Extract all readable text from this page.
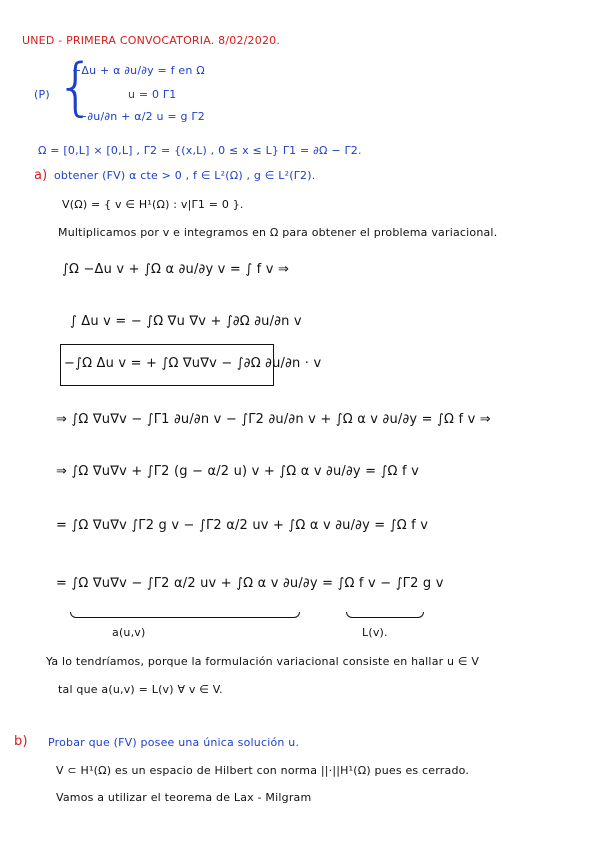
UNED - PRIMERA CONVOCATORIA. 8/02/2020.
(P) {
−Δu + α ∂u/∂y = f en Ω
u = 0 Γ1
−∂u/∂n + α/2 u = g Γ2
Ω = [0,L] × [0,L] , Γ2 = {(x,L) , 0 ≤ x ≤ L} Γ1 = ∂Ω − Γ2.
a) obtener (FV) α cte > 0 , f ∈ L²(Ω) , g ∈ L²(Γ2).
V(Ω) = { v ∈ H¹(Ω) : v|Γ1 = 0 }.
Multiplicamos por v e integramos en Ω para obtener el problema variacional.
∫Ω −Δu v + ∫Ω α ∂u/∂y v = ∫ f v ⇒
∫ Δu v = − ∫Ω ∇u ∇v + ∫∂Ω ∂u/∂n v
−∫Ω Δu v = + ∫Ω ∇u∇v − ∫∂Ω ∂u/∂n · v
⇒ ∫Ω ∇u∇v − ∫Γ1 ∂u/∂n v − ∫Γ2 ∂u/∂n v + ∫Ω α v ∂u/∂y = ∫Ω f v ⇒
⇒ ∫Ω ∇u∇v + ∫Γ2 (g − α/2 u) v + ∫Ω α v ∂u/∂y = ∫Ω f v
= ∫Ω ∇u∇v ∫Γ2 g v − ∫Γ2 α/2 uv + ∫Ω α v ∂u/∂y = ∫Ω f v
= ∫Ω ∇u∇v − ∫Γ2 α/2 uv + ∫Ω α v ∂u/∂y = ∫Ω f v − ∫Γ2 g v
a(u,v)	L(v).
Ya lo tendríamos, porque la formulación variacional consiste en hallar u ∈ V
tal que a(u,v) = L(v) ∀ v ∈ V.
b) Probar que (FV) posee una única solución u.
V ⊂ H¹(Ω) es un espacio de Hilbert con norma ||·||H¹(Ω) pues es cerrado.
Vamos a utilizar el teorema de Lax - Milgram
